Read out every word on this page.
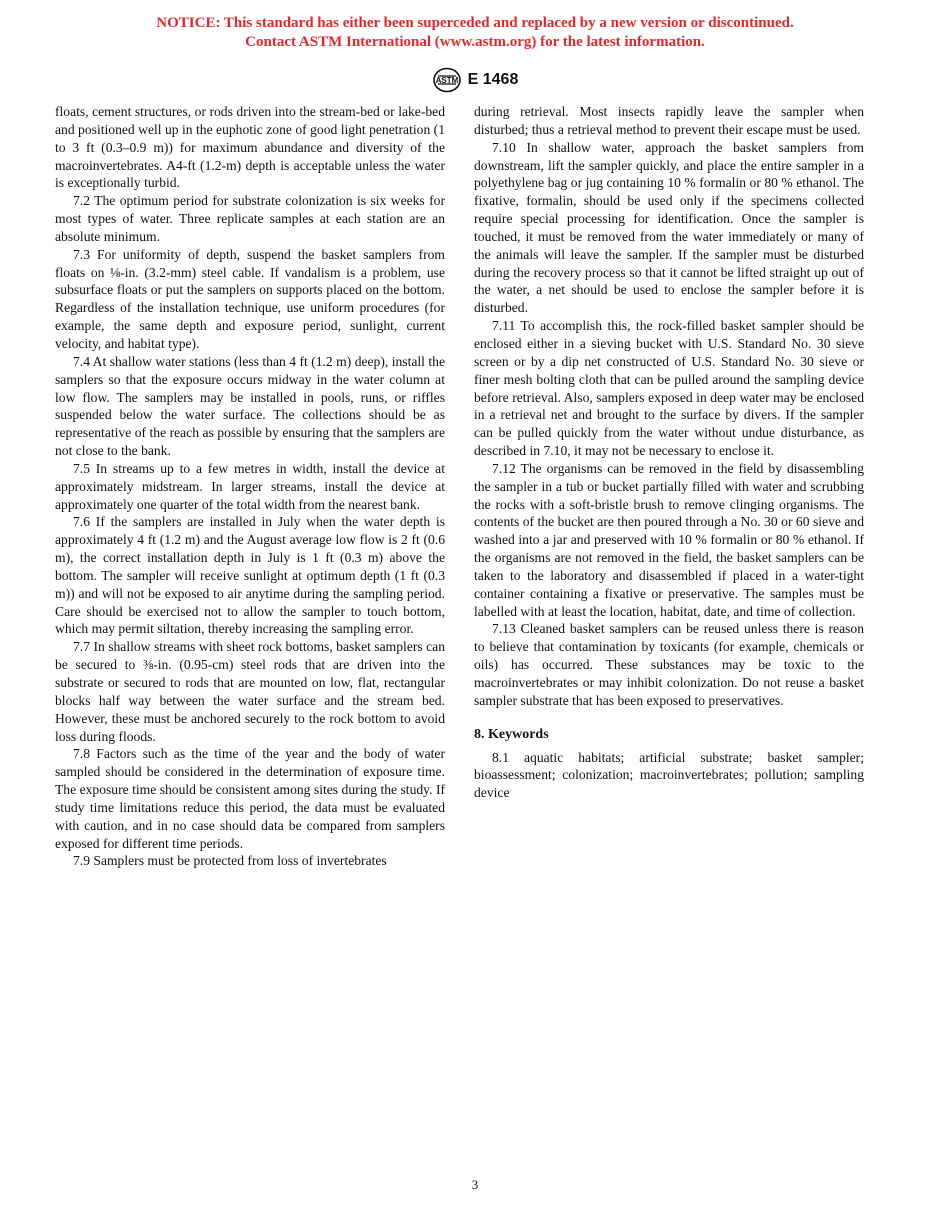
NOTICE: This standard has either been superceded and replaced by a new version or discontinued.
Contact ASTM International (www.astm.org) for the latest information.
ASTM E 1468

floats, cement structures, or rods driven into the stream-bed or lake-bed and positioned well up in the euphotic zone of good light penetration (1 to 3 ft (0.3–0.9 m)) for maximum abundance and diversity of the macroinvertebrates. A4-ft (1.2-m) depth is acceptable unless the water is exceptionally turbid.

7.2 The optimum period for substrate colonization is six weeks for most types of water. Three replicate samples at each station are an absolute minimum.

7.3 For uniformity of depth, suspend the basket samplers from floats on ⅛-in. (3.2-mm) steel cable. If vandalism is a problem, use subsurface floats or put the samplers on supports placed on the bottom. Regardless of the installation technique, use uniform procedures (for example, the same depth and exposure period, sunlight, current velocity, and habitat type).

7.4 At shallow water stations (less than 4 ft (1.2 m) deep), install the samplers so that the exposure occurs midway in the water column at low flow. The samplers may be installed in pools, runs, or riffles suspended below the water surface. The collections should be as representative of the reach as possible by ensuring that the samplers are not close to the bank.

7.5 In streams up to a few metres in width, install the device at approximately midstream. In larger streams, install the device at approximately one quarter of the total width from the nearest bank.

7.6 If the samplers are installed in July when the water depth is approximately 4 ft (1.2 m) and the August average low flow is 2 ft (0.6 m), the correct installation depth in July is 1 ft (0.3 m) above the bottom. The sampler will receive sunlight at optimum depth (1 ft (0.3 m)) and will not be exposed to air anytime during the sampling period. Care should be exercised not to allow the sampler to touch bottom, which may permit siltation, thereby increasing the sampling error.

7.7 In shallow streams with sheet rock bottoms, basket samplers can be secured to ⅜-in. (0.95-cm) steel rods that are driven into the substrate or secured to rods that are mounted on low, flat, rectangular blocks half way between the water surface and the stream bed. However, these must be anchored securely to the rock bottom to avoid loss during floods.

7.8 Factors such as the time of the year and the body of water sampled should be considered in the determination of exposure time. The exposure time should be consistent among sites during the study. If study time limitations reduce this period, the data must be evaluated with caution, and in no case should data be compared from samplers exposed for different time periods.

7.9 Samplers must be protected from loss of invertebrates

during retrieval. Most insects rapidly leave the sampler when disturbed; thus a retrieval method to prevent their escape must be used.

7.10 In shallow water, approach the basket samplers from downstream, lift the sampler quickly, and place the entire sampler in a polyethylene bag or jug containing 10 % formalin or 80 % ethanol. The fixative, formalin, should be used only if the specimens collected require special processing for identification. Once the sampler is touched, it must be removed from the water immediately or many of the animals will leave the sampler. If the sampler must be disturbed during the recovery process so that it cannot be lifted straight up out of the water, a net should be used to enclose the sampler before it is disturbed.

7.11 To accomplish this, the rock-filled basket sampler should be enclosed either in a sieving bucket with U.S. Standard No. 30 sieve screen or by a dip net constructed of U.S. Standard No. 30 sieve or finer mesh bolting cloth that can be pulled around the sampling device before retrieval. Also, samplers exposed in deep water may be enclosed in a retrieval net and brought to the surface by divers. If the sampler can be pulled quickly from the water without undue disturbance, as described in 7.10, it may not be necessary to enclose it.

7.12 The organisms can be removed in the field by disassembling the sampler in a tub or bucket partially filled with water and scrubbing the rocks with a soft-bristle brush to remove clinging organisms. The contents of the bucket are then poured through a No. 30 or 60 sieve and washed into a jar and preserved with 10 % formalin or 80 % ethanol. If the organisms are not removed in the field, the basket samplers can be taken to the laboratory and disassembled if placed in a water-tight container containing a fixative or preservative. The samples must be labelled with at least the location, habitat, date, and time of collection.

7.13 Cleaned basket samplers can be reused unless there is reason to believe that contamination by toxicants (for example, chemicals or oils) has occurred. These substances may be toxic to the macroinvertebrates or may inhibit colonization. Do not reuse a basket sampler substrate that has been exposed to preservatives.

8. Keywords

8.1 aquatic habitats; artificial substrate; basket sampler; bioassessment; colonization; macroinvertebrates; pollution; sampling device

3
